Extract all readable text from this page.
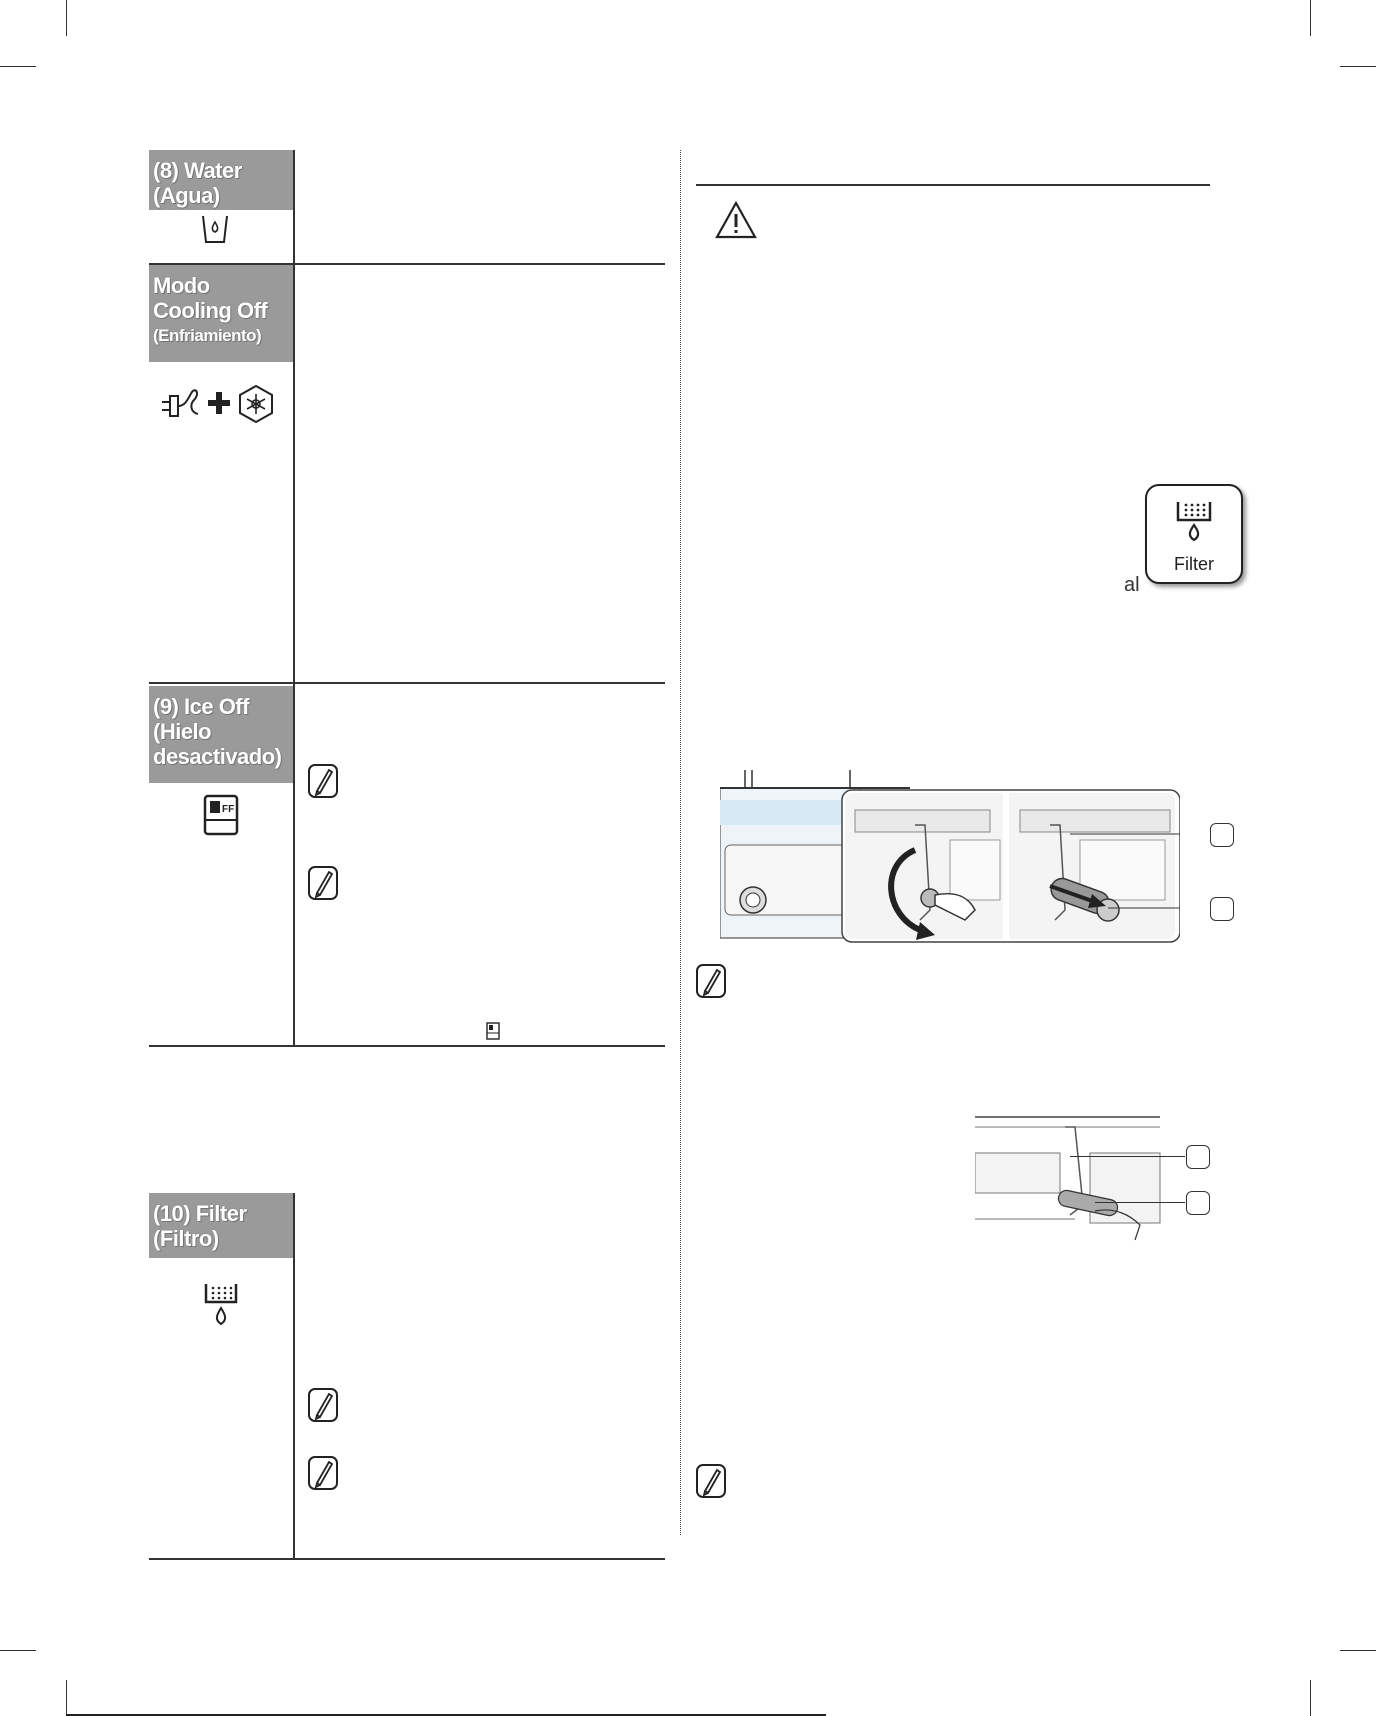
(8) Water
(Agua)
Modo
Cooling Off
(Enfriamiento)
(9) Ice Off
(Hielo
desactivado)
FF
(10) Filter
(Filtro)
al
Filter
